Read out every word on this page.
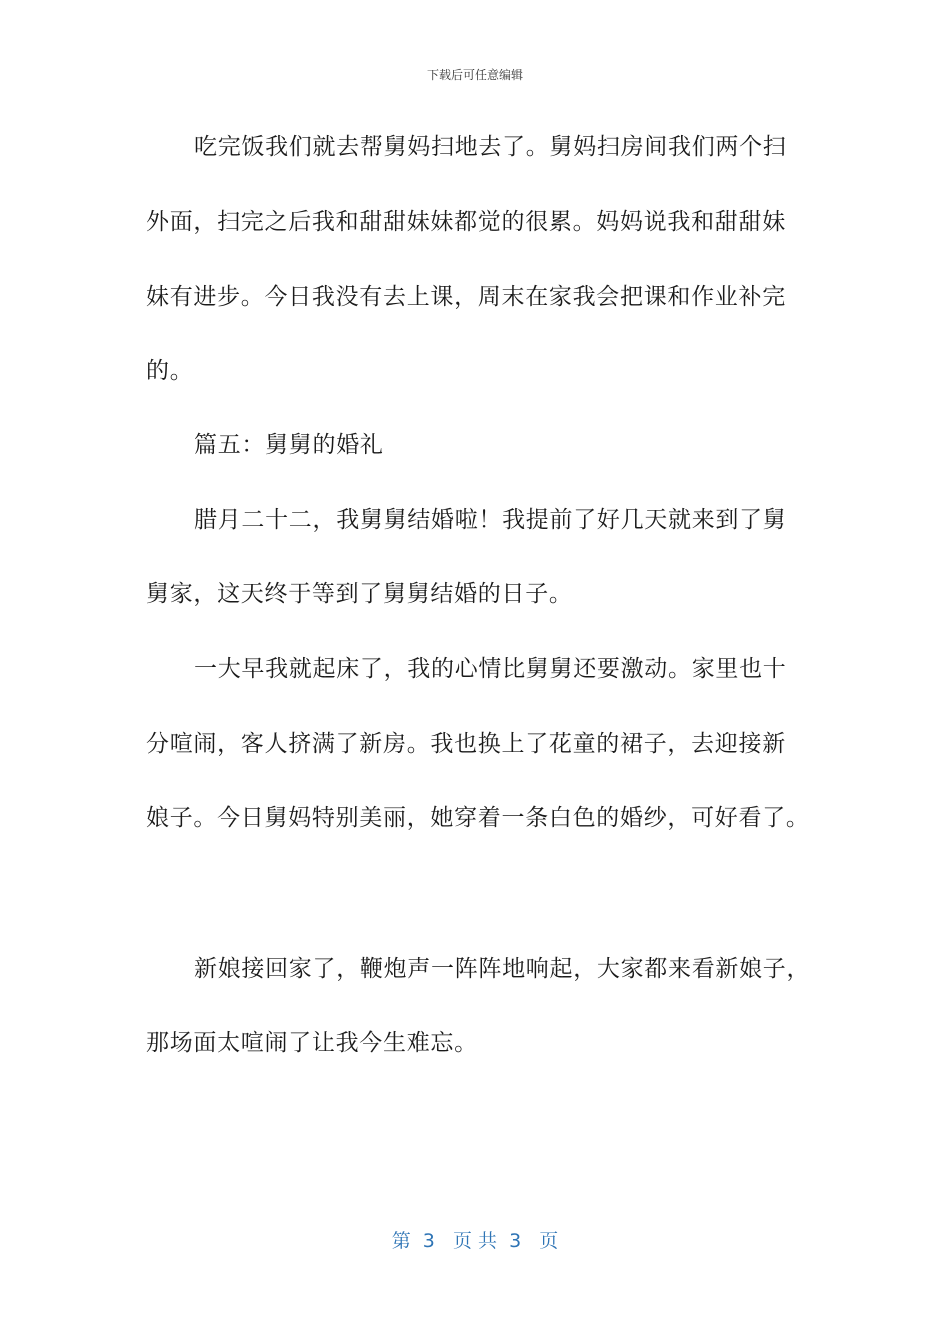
下载后可任意编辑
吃完饭我们就去帮舅妈扫地去了。舅妈扫房间我们两个扫
外面，扫完之后我和甜甜妹妹都觉的很累。妈妈说我和甜甜妹
妹有进步。今日我没有去上课，周末在家我会把课和作业补完
的。
篇五：舅舅的婚礼
腊月二十二，我舅舅结婚啦！我提前了好几天就来到了舅
舅家，这天终于等到了舅舅结婚的日子。
一大早我就起床了，我的心情比舅舅还要激动。家里也十
分喧闹，客人挤满了新房。我也换上了花童的裙子，去迎接新
娘子。今日舅妈特别美丽，她穿着一条白色的婚纱，可好看了。
新娘接回家了，鞭炮声一阵阵地响起，大家都来看新娘子，
那场面太喧闹了让我今生难忘。
第  3   页 共  3   页
